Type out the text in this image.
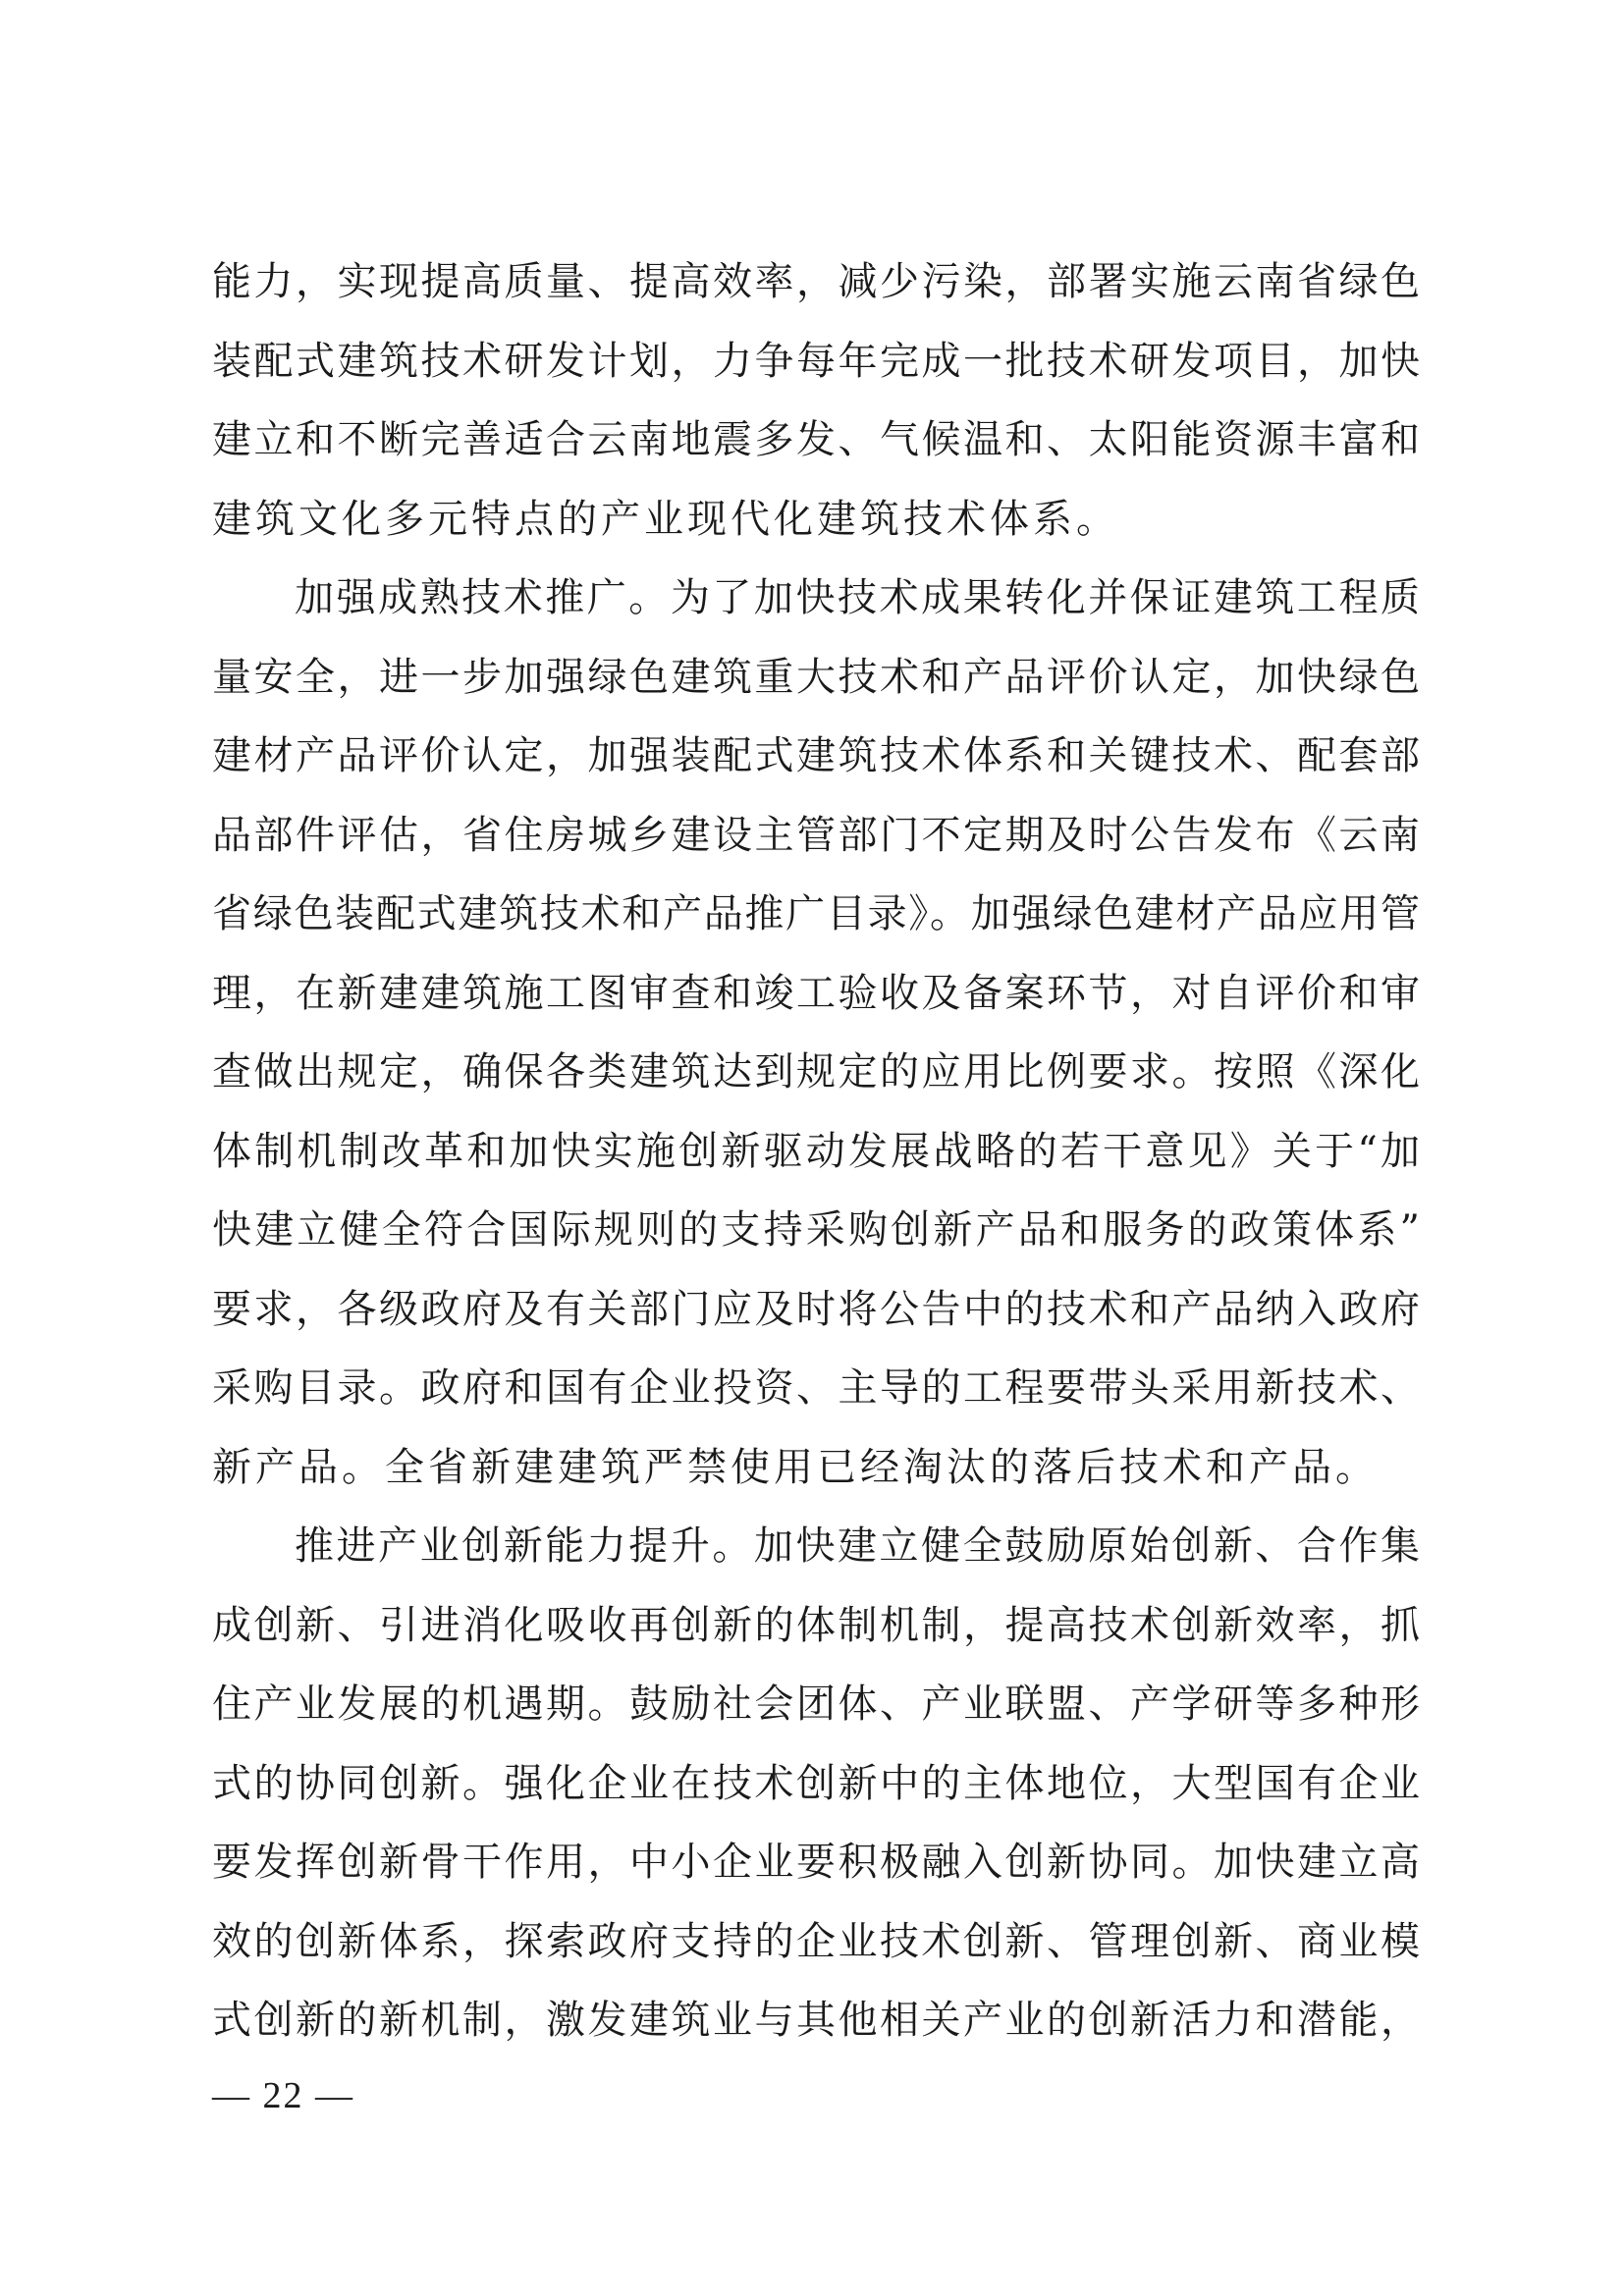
能力，实现提高质量、提高效率，减少污染，部署实施云南省绿色
装配式建筑技术研发计划，力争每年完成一批技术研发项目，加快
建立和不断完善适合云南地震多发、气候温和、太阳能资源丰富和
建筑文化多元特点的产业现代化建筑技术体系。
加强成熟技术推广。为了加快技术成果转化并保证建筑工程质
量安全，进一步加强绿色建筑重大技术和产品评价认定，加快绿色
建材产品评价认定，加强装配式建筑技术体系和关键技术、配套部
品部件评估，省住房城乡建设主管部门不定期及时公告发布《云南
省绿色装配式建筑技术和产品推广目录》。加强绿色建材产品应用管
理，在新建建筑施工图审查和竣工验收及备案环节，对自评价和审
查做出规定，确保各类建筑达到规定的应用比例要求。按照《深化
体制机制改革和加快实施创新驱动发展战略的若干意见》关于“加
快建立健全符合国际规则的支持采购创新产品和服务的政策体系”
要求，各级政府及有关部门应及时将公告中的技术和产品纳入政府
采购目录。政府和国有企业投资、主导的工程要带头采用新技术、
新产品。全省新建建筑严禁使用已经淘汰的落后技术和产品。
推进产业创新能力提升。加快建立健全鼓励原始创新、合作集
成创新、引进消化吸收再创新的体制机制，提高技术创新效率，抓
住产业发展的机遇期。鼓励社会团体、产业联盟、产学研等多种形
式的协同创新。强化企业在技术创新中的主体地位，大型国有企业
要发挥创新骨干作用，中小企业要积极融入创新协同。加快建立高
效的创新体系，探索政府支持的企业技术创新、管理创新、商业模
式创新的新机制，激发建筑业与其他相关产业的创新活力和潜能，
— 22 —
